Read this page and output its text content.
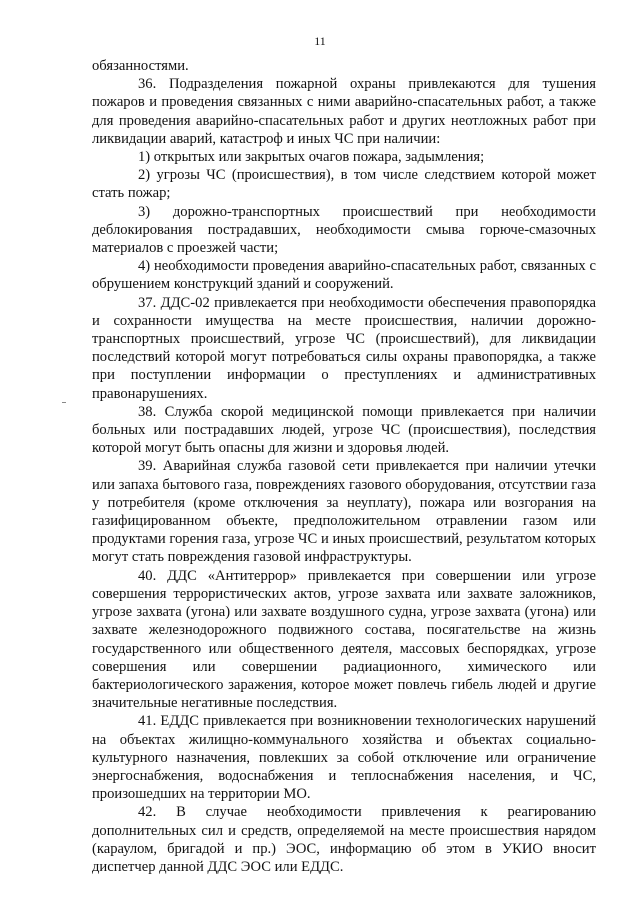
11

обязанностями.

36. Подразделения пожарной охраны привлекаются для тушения пожаров и проведения связанных с ними аварийно-спасательных работ, а также для проведения аварийно-спасательных работ и других неотложных работ при ликвидации аварий, катастроф и иных ЧС при наличии:

1) открытых или закрытых очагов пожара, задымления;

2) угрозы ЧС (происшествия), в том числе следствием которой может стать пожар;

3) дорожно-транспортных происшествий при необходимости деблокирования пострадавших, необходимости смыва горюче-смазочных материалов с проезжей части;

4) необходимости проведения аварийно-спасательных работ, связанных с обрушением конструкций зданий и сооружений.

37. ДДС-02 привлекается при необходимости обеспечения правопорядка и сохранности имущества на месте происшествия, наличии дорожно-транспортных происшествий, угрозе ЧС (происшествий), для ликвидации последствий которой могут потребоваться силы охраны правопорядка, а также при поступлении информации о преступлениях и административных правонарушениях.

38. Служба скорой медицинской помощи привлекается при наличии больных или пострадавших людей, угрозе ЧС (происшествия), последствия которой могут быть опасны для жизни и здоровья людей.

39. Аварийная служба газовой сети привлекается при наличии утечки или запаха бытового газа, повреждениях газового оборудования, отсутствии газа у потребителя (кроме отключения за неуплату), пожара или возгорания на газифицированном объекте, предположительном отравлении газом или продуктами горения газа, угрозе ЧС и иных происшествий, результатом которых могут стать повреждения газовой инфраструктуры.

40. ДДС «Антитеррор» привлекается при совершении или угрозе совершения террористических актов, угрозе захвата или захвате заложников, угрозе захвата (угона) или захвате воздушного судна, угрозе захвата (угона) или захвате железнодорожного подвижного состава, посягательстве на жизнь государственного или общественного деятеля, массовых беспорядках, угрозе совершения или совершении радиационного, химического или бактериологического заражения, которое может повлечь гибель людей и другие значительные негативные последствия.

41. ЕДДС привлекается при возникновении технологических нарушений на объектах жилищно-коммунального хозяйства и объектах социально-культурного назначения, повлекших за собой отключение или ограничение энергоснабжения, водоснабжения и теплоснабжения населения, и ЧС, произошедших на территории МО.

42. В случае необходимости привлечения к реагированию дополнительных сил и средств, определяемой на месте происшествия нарядом (караулом, бригадой и пр.) ЭОС, информацию об этом в УКИО вносит диспетчер данной ДДС ЭОС или ЕДДС.
